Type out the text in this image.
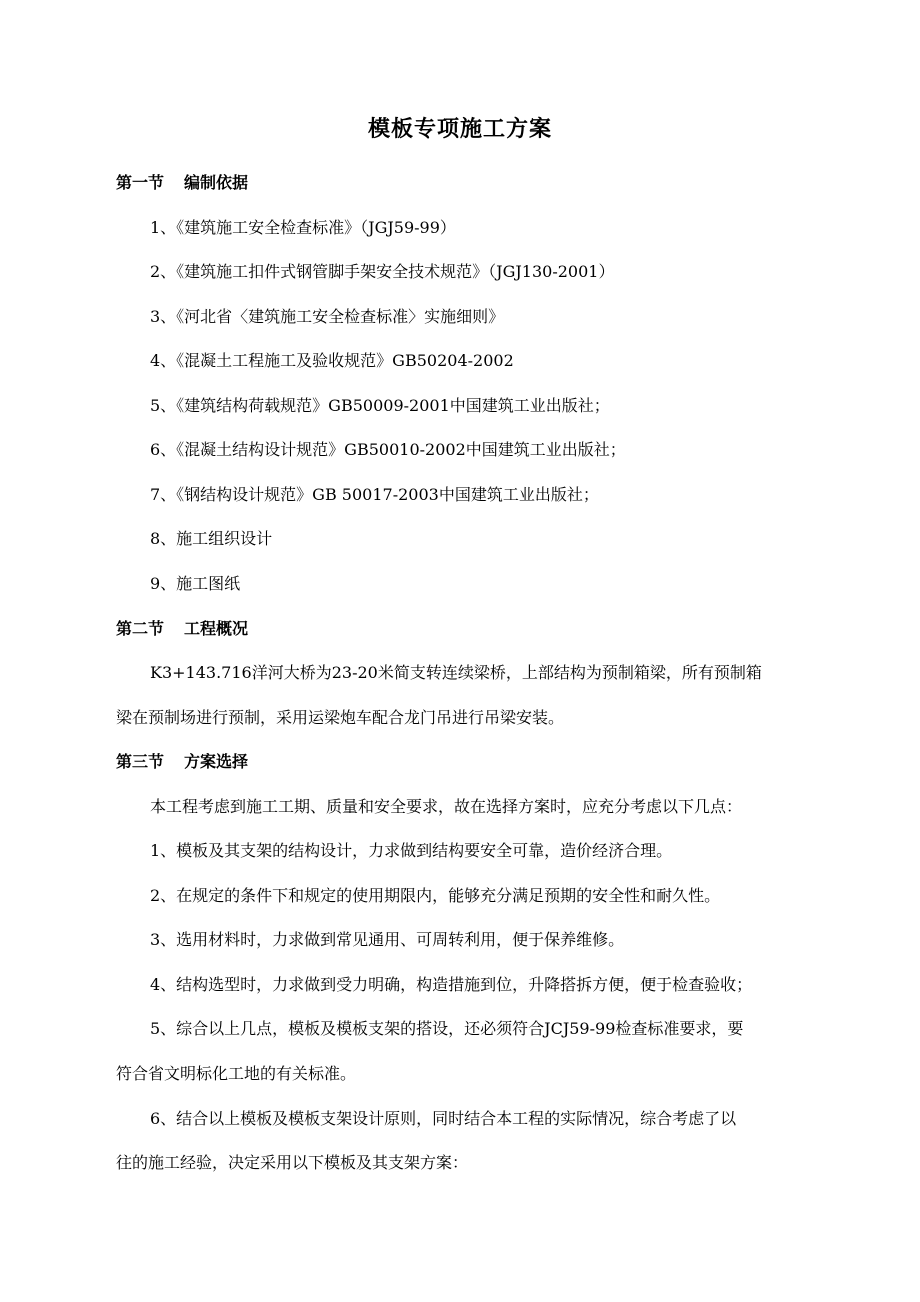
模板专项施工方案
第一节 编制依据
1、《建筑施工安全检查标准》（JGJ59-99）
2、《建筑施工扣件式钢管脚手架安全技术规范》（JGJ130-2001）
3、《河北省〈建筑施工安全检查标准〉实施细则》
4、《混凝土工程施工及验收规范》GB50204-2002
5、《建筑结构荷载规范》GB50009-2001中国建筑工业出版社；
6、《混凝土结构设计规范》GB50010-2002中国建筑工业出版社；
7、《钢结构设计规范》GB 50017-2003中国建筑工业出版社；
8、施工组织设计
9、施工图纸
第二节 工程概况
K3+143.716洋河大桥为23-20米简支转连续梁桥，上部结构为预制箱梁，所有预制箱
梁在预制场进行预制，采用运梁炮车配合龙门吊进行吊梁安装。
第三节 方案选择
本工程考虑到施工工期、质量和安全要求，故在选择方案时，应充分考虑以下几点：
1、模板及其支架的结构设计，力求做到结构要安全可靠，造价经济合理。
2、在规定的条件下和规定的使用期限内，能够充分满足预期的安全性和耐久性。
3、选用材料时，力求做到常见通用、可周转利用，便于保养维修。
4、结构选型时，力求做到受力明确，构造措施到位，升降搭拆方便，便于检查验收；
5、综合以上几点，模板及模板支架的搭设，还必须符合JCJ59-99检查标准要求，要
符合省文明标化工地的有关标准。
6、结合以上模板及模板支架设计原则，同时结合本工程的实际情况，综合考虑了以
往的施工经验，决定采用以下模板及其支架方案：
